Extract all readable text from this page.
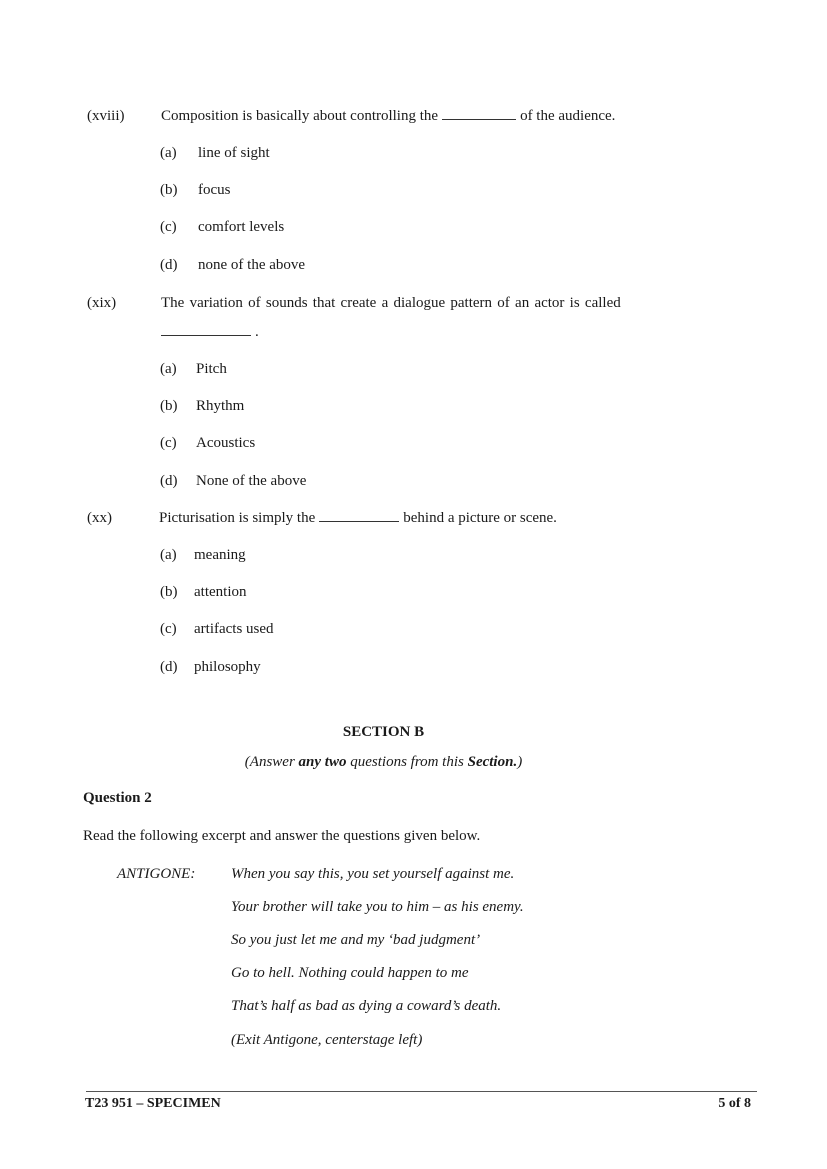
(xviii) Composition is basically about controlling the	of the audience.
(a) line of sight
(b) focus
(c) comfort levels
(d) none of the above
(xix)	The variation of sounds that create a dialogue pattern of an actor is called
.
(a) Pitch
(b) Rhythm
(c) Acoustics
(d) None of the above
(xx)	Picturisation is simply the	behind a picture or scene.
(a) meaning
(b) attention
(c) artifacts used
(d) philosophy
SECTION B
(Answer any two questions from this Section.)
Question 2
Read the following excerpt and answer the questions given below.
ANTIGONE: When you say this, you set yourself against me.
Your brother will take you to him – as his enemy.
So you just let me and my ‘bad judgment’
Go to hell. Nothing could happen to me
That’s half as bad as dying a coward’s death.
(Exit Antigone, centerstage left)
T23 951 – SPECIMEN	5 of 8
